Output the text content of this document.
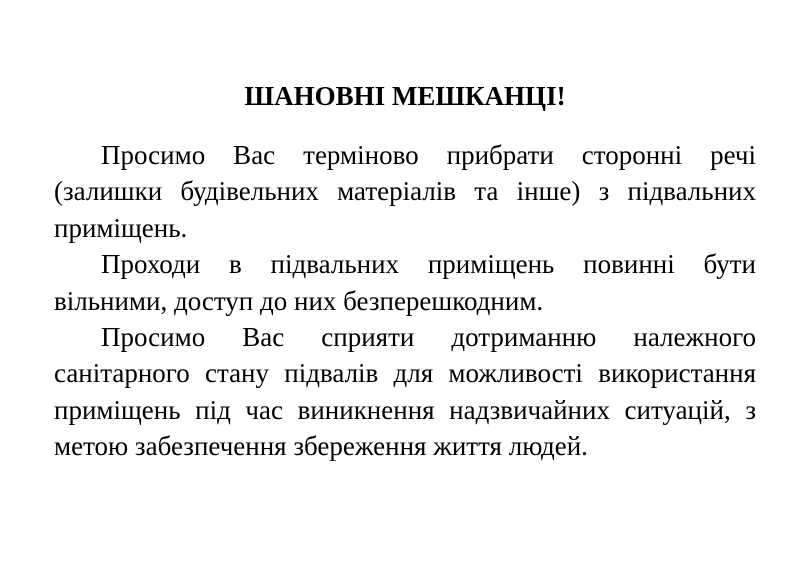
ШАНОВНІ МЕШКАНЦІ!

Просимо Вас терміново прибрати сторонні речі (залишки будівельних матеріалів та інше) з підвальних приміщень.

Проходи в підвальних приміщень повинні бути вільними, доступ до них безперешкодним.

Просимо Вас сприяти дотриманню належного санітарного стану підвалів для можливості використання приміщень під час виникнення надзвичайних ситуацій, з метою забезпечення збереження життя людей.
